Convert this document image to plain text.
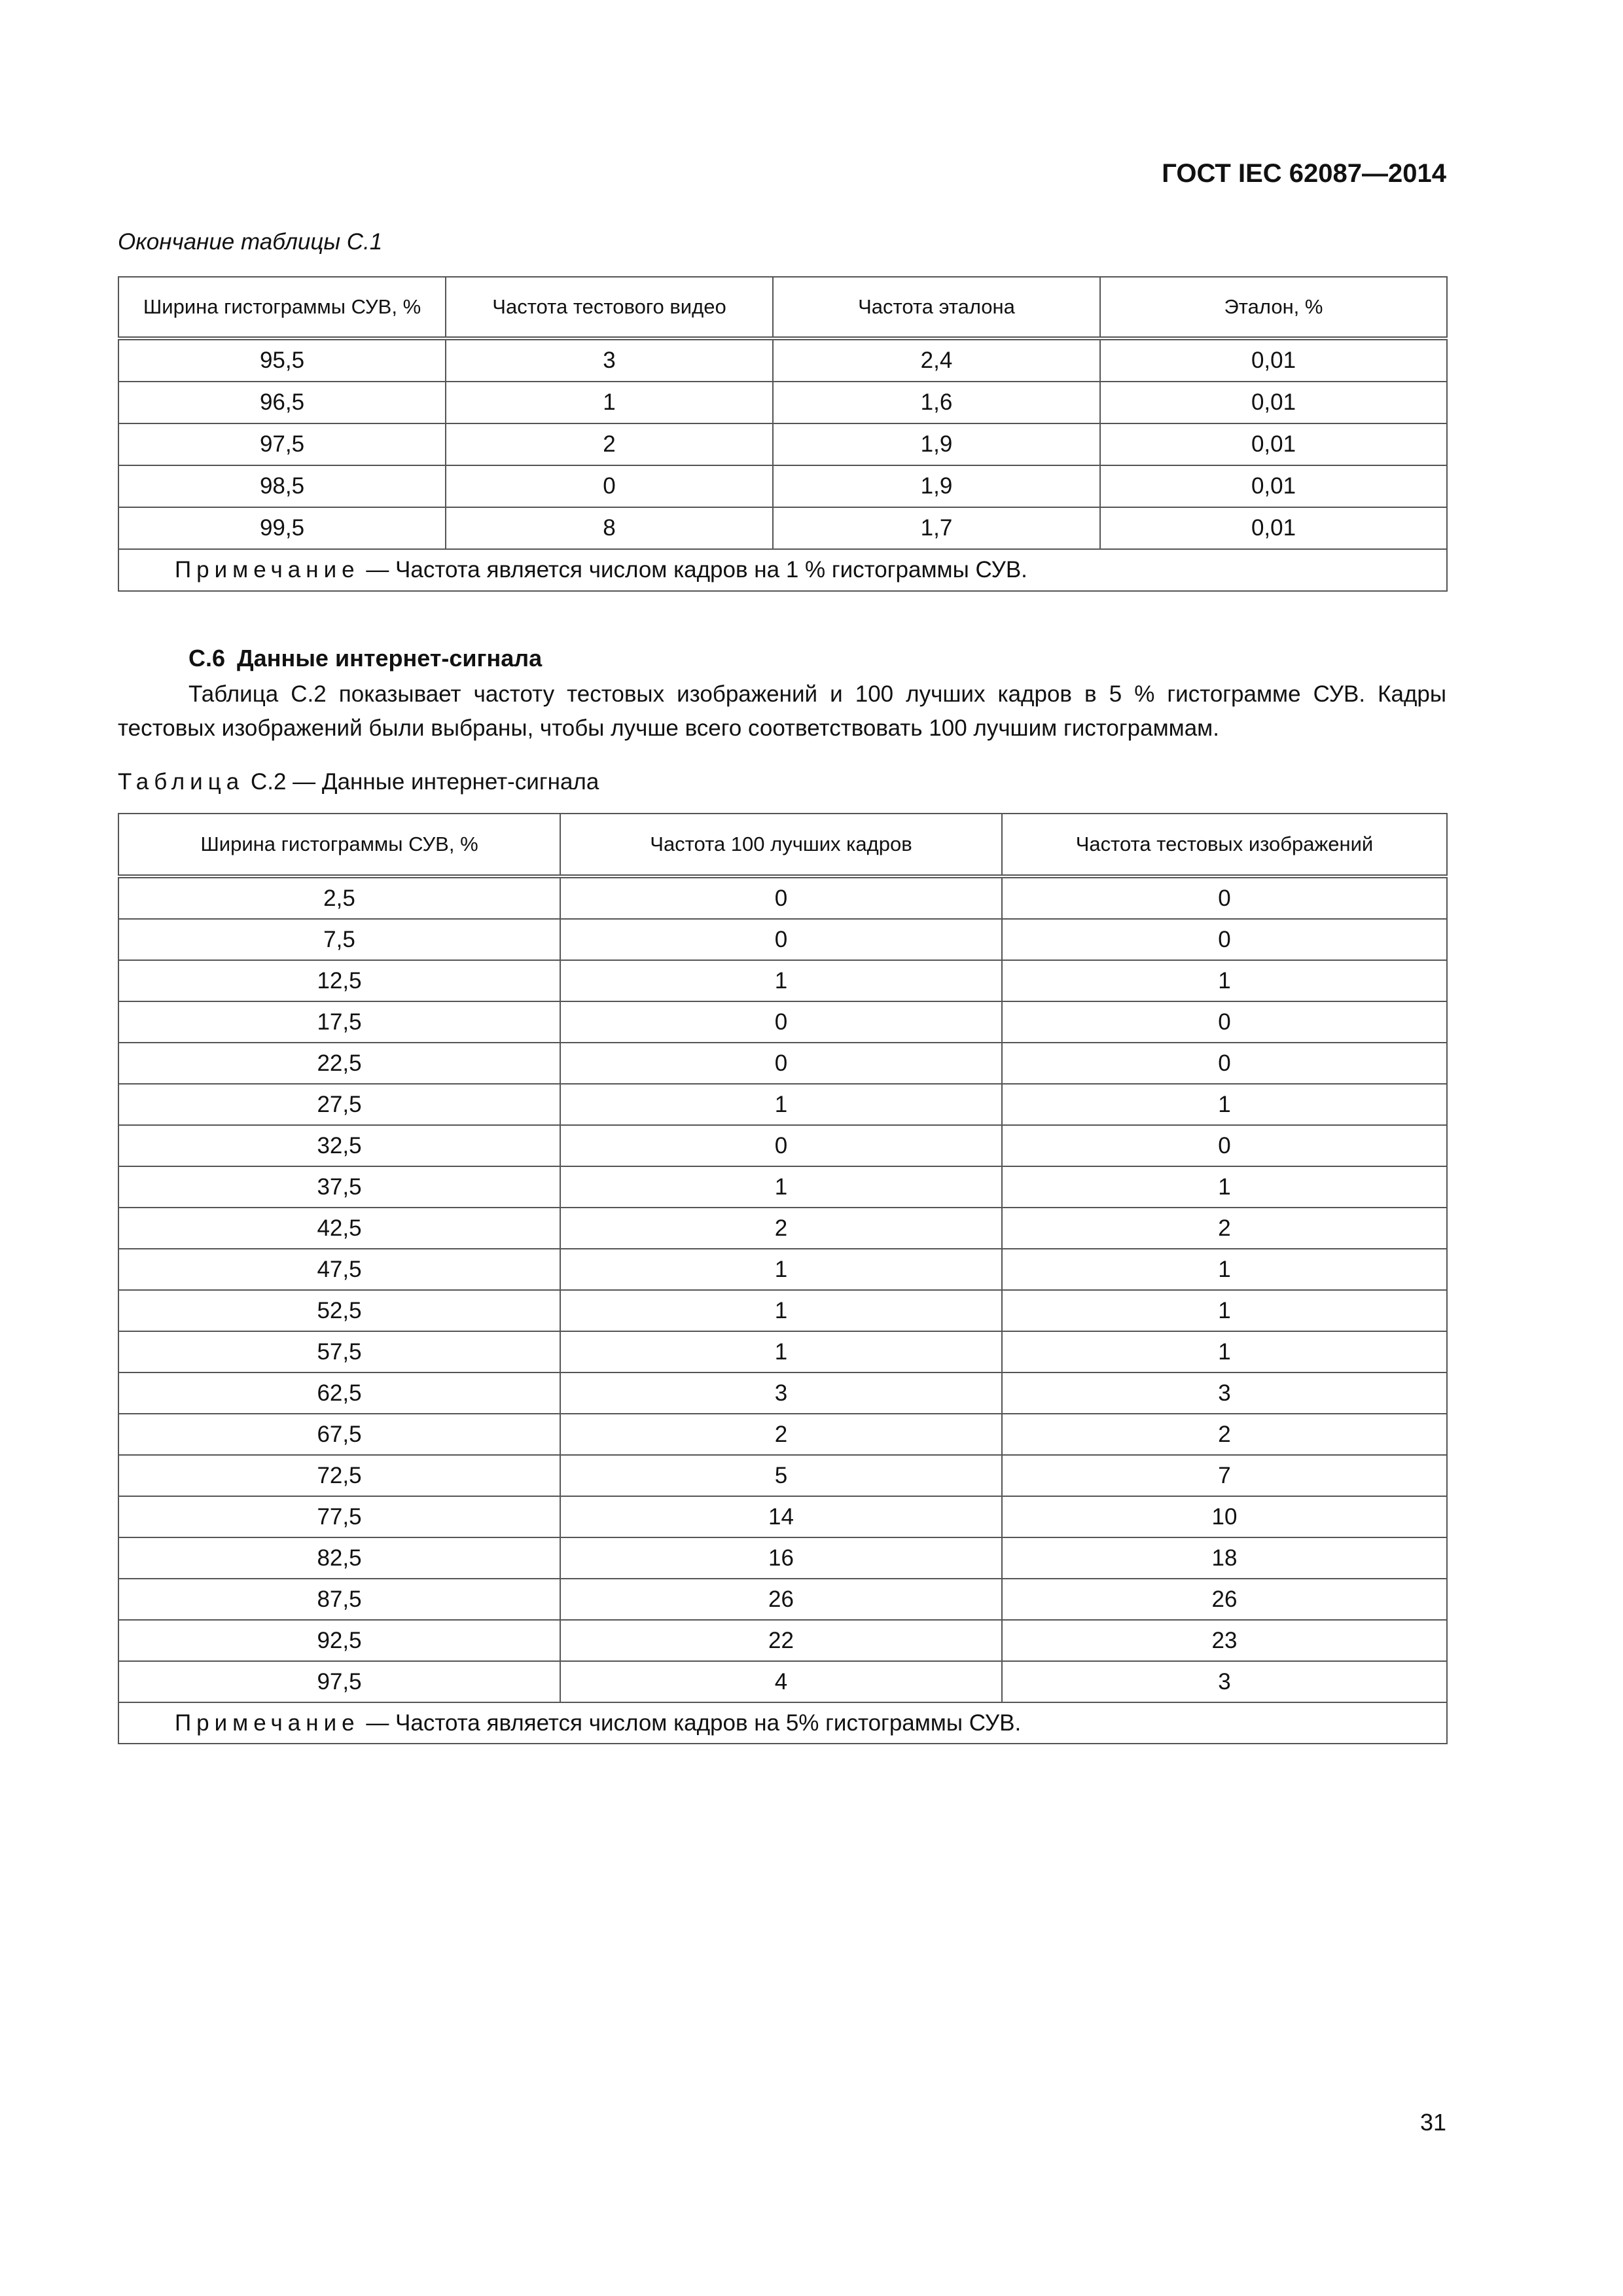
ГОСТ IEC 62087—2014
Окончание таблицы С.1
Ширина гистограммы СУВ, %	Частота тестового видео	Частота эталона	Эталон, %
95,5	3	2,4	0,01
96,5	1	1,6	0,01
97,5	2	1,9	0,01
98,5	0	1,9	0,01
99,5	8	1,7	0,01
Примечание — Частота является числом кадров на 1 % гистограммы СУВ.			
С.6 Данные интернет-сигнала

Таблица С.2 показывает частоту тестовых изображений и 100 лучших кадров в 5 % гистограмме СУВ. Кадры тестовых изображений были выбраны, чтобы лучше всего соответствовать 100 лучшим гистограммам.

Таблица С.2 — Данные интернет-сигнала
Ширина гистограммы СУВ, %	Частота 100 лучших кадров	Частота тестовых изображений
2,5	0	0
7,5	0	0
12,5	1	1
17,5	0	0
22,5	0	0
27,5	1	1
32,5	0	0
37,5	1	1
42,5	2	2
47,5	1	1
52,5	1	1
57,5	1	1
62,5	3	3
67,5	2	2
72,5	5	7
77,5	14	10
82,5	16	18
87,5	26	26
92,5	22	23
97,5	4	3
Примечание — Частота является числом кадров на 5% гистограммы СУВ.		
31
